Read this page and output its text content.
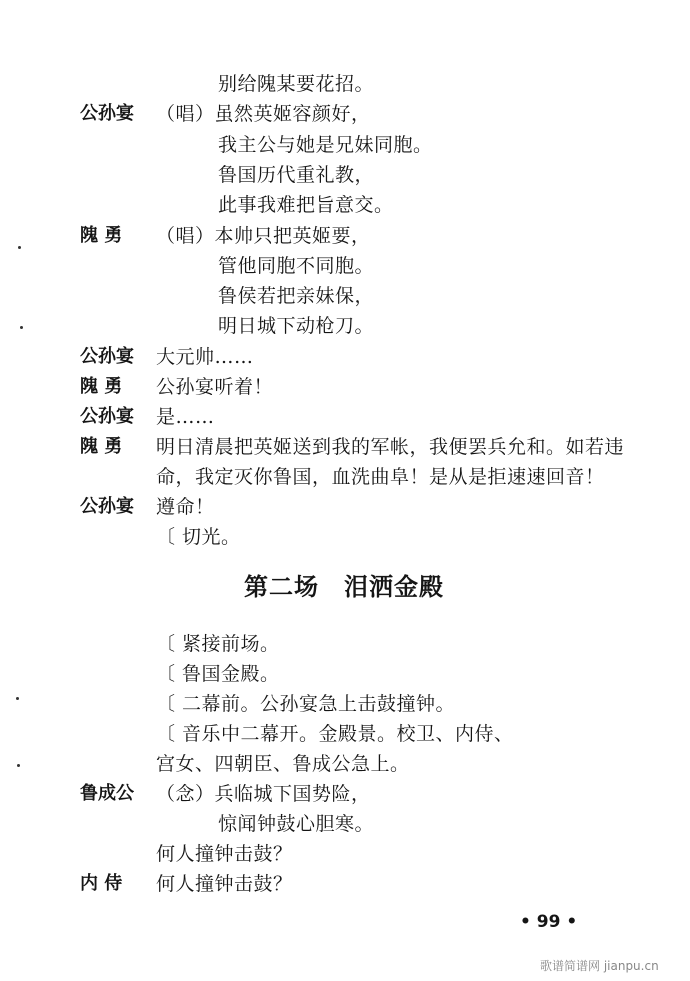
别给隗某要花招。
公孙宴 （唱）虽然英姬容颜好，
我主公与她是兄妹同胞。
鲁国历代重礼教，
此事我难把旨意交。
隗 勇 （唱）本帅只把英姬要，
管他同胞不同胞。
鲁侯若把亲妹保，
明日城下动枪刀。
公孙宴 大元帅……
隗 勇 公孙宴听着！
公孙宴 是……
隗 勇 明日清晨把英姬送到我的军帐，我便罢兵允和。如若违
命，我定灭你鲁国，血洗曲阜！是从是拒速速回音！
公孙宴 遵命！
〔 切光。
第二场　泪洒金殿
〔 紧接前场。
〔 鲁国金殿。
〔 二幕前。公孙宴急上击鼓撞钟。
〔 音乐中二幕开。金殿景。校卫、内侍、
宫女、四朝臣、鲁成公急上。
鲁成公 （念）兵临城下国势险，
惊闻钟鼓心胆寒。
何人撞钟击鼓？
内 侍 何人撞钟击鼓？
• 99 •
歌谱简谱网 jianpu.cn
